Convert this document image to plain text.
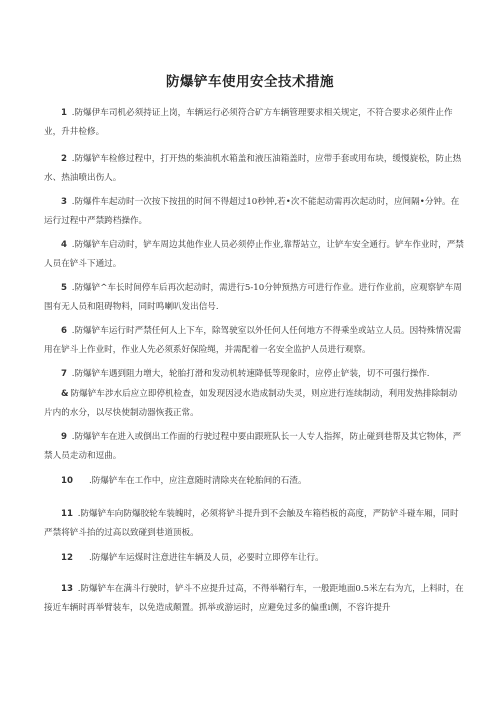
防爆铲车使用安全技术措施

1 .防爆伊车司机必须持证上岗，车辆运行必须符合矿方车辆管理要求相关规定，不符合要求必须件止作业，升井检修。

2 .防爆铲车检修过程中，打开热的柴油机水箱盖和液压油箱盖时，应带手套或用布块，缓慢旋松，防止热水、热油喷出伤人。

3 .防爆件车起动时一次按下按扭的时间不得超过10秒钟,若•次不能起动需再次起动时，应间隔•分钟。在运行过程中严禁跨档操作。

4 .防爆铲车启动时，铲车周边其他作业人员必须停止作业,靠帮站立，让铲车安全通行。铲车作业时，严禁人员在铲斗下通过。

5 .防爆铲^车长时间停车后再次起动时，需进行5-10分钟预热方可进行作业。进行作业前，应观察铲车周围有无人员和阻碍物料，同时鸣喇叭发出信号.

6 .防爆铲车运行时严禁任何人上下车，除驾驶室以外任何人任何地方不得乘坐或站立人员。因特殊情况需用在铲斗上作业时，作业人先必须系好保险绳，并需配着一名安全监护人员进行观察。

7 .防爆铲车遇到阻力增大，轮胎打滑和发动机转速降低等现象时，应停止铲装，切不可强行操作.

& 防爆铲车涉水后应立即停机检查，如发现因浸水造成制动失灵，则应进行连续制动，利用发热排除制动片内的水分，以尽快使制动器恢莪正常。

9 .防爆铲车在进入或倒出工作面的行驶过程中要由跟班队长一人专人指挥，防止碰到巷帮及其它物体，严禁人员走动和逗曲。

10 .防爆铲车在工作中，应注意随时清除夹在轮胎间的石渣。

11 .防爆铲车向防爆胶轮车装魄时，必须将铲斗提升到不会触及车箱档板的高度，严防铲斗碰车厢，同时严禁将铲斗抬的过高以致碰到巷道顶板。

12 .防爆铲车运煤时注意进往车辆及人员，必要时立即停车让行。

13 .防爆铲车在满斗行驶时，铲斗不应提升过高，不得举鞘行车，一般距地面0.5米左右为亢，上料时，在接近车辆时再举臂装车，以免造成颠置。抓举或游运时，应避免过多的偏重i侧，不容许提升
